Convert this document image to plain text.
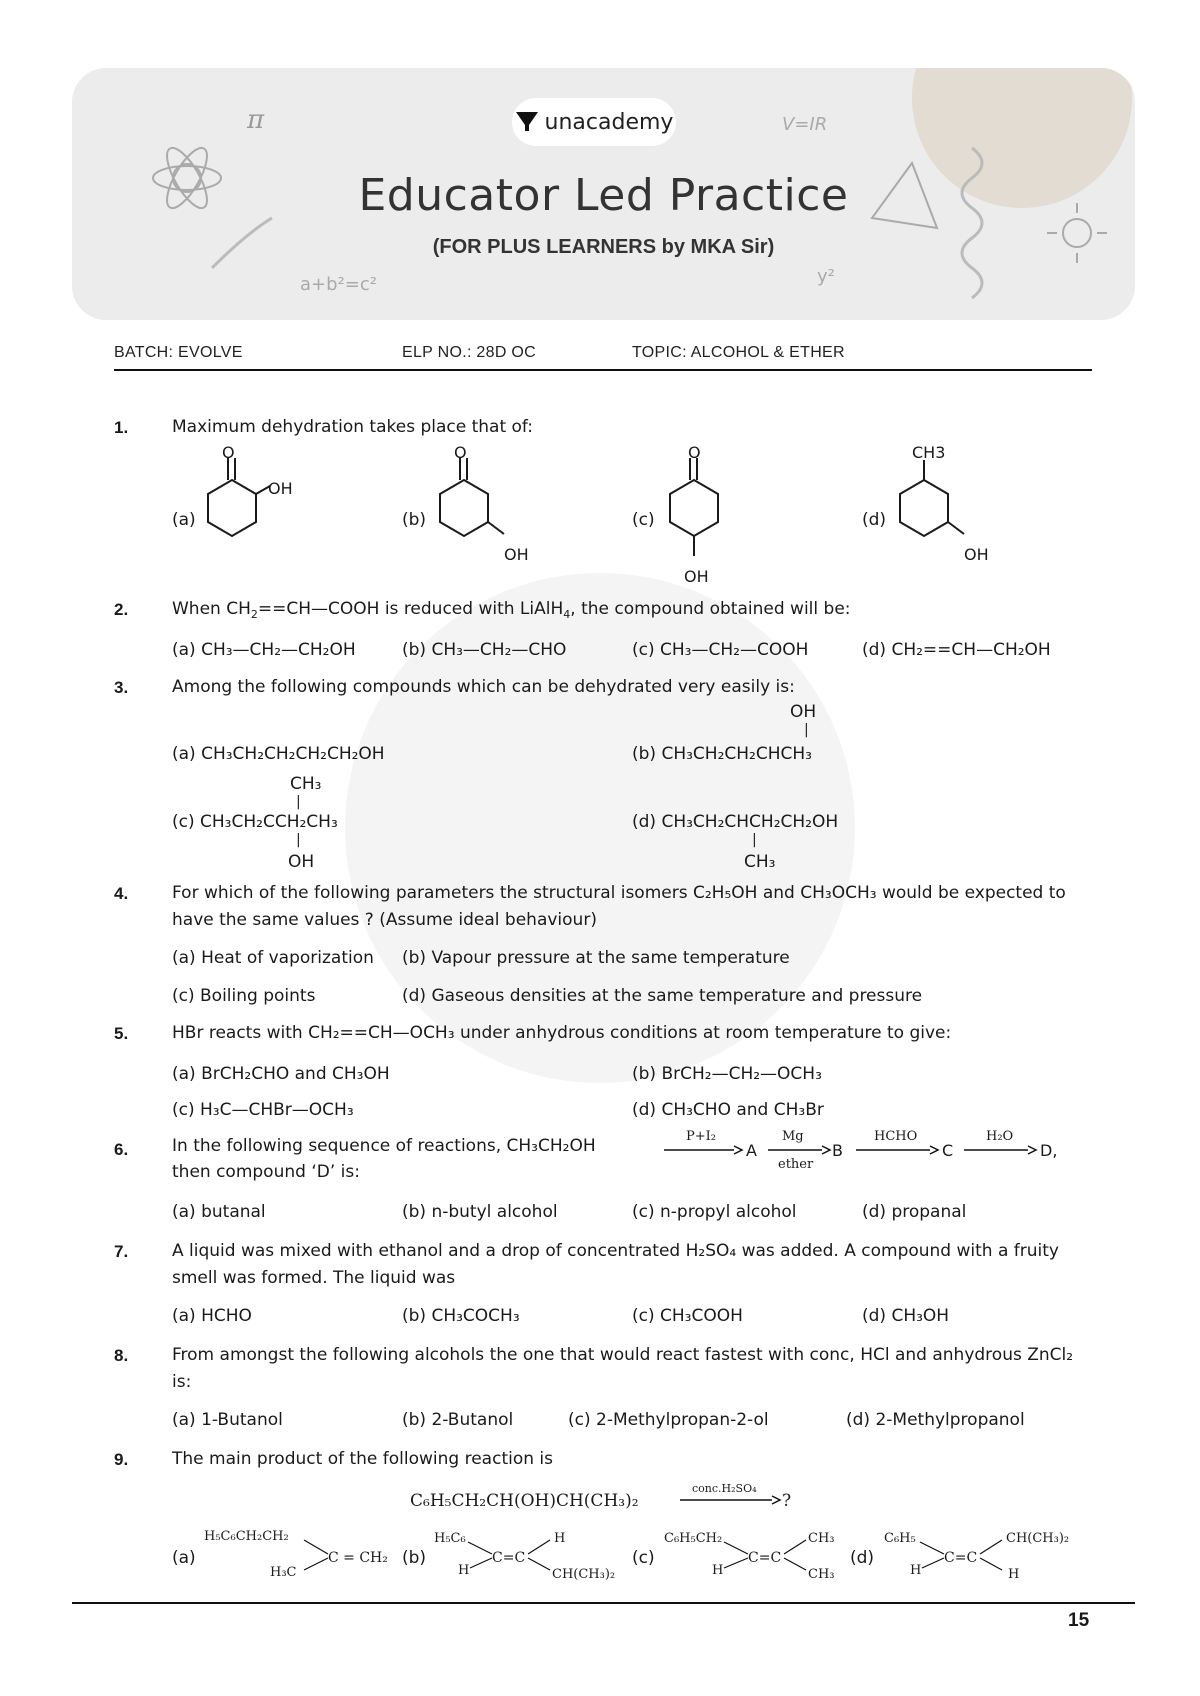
π	V=IR
a+b²=c²	y²
unacademy
Educator Led Practice
(FOR PLUS LEARNERS by MKA Sir)
BATCH: EVOLVE	ELP NO.: 28D OC	TOPIC: ALCOHOL & ETHER
1.	Maximum dehydration takes place that of:
(a)	(b)	(c)	(d)
O
OH
O
OH
O
OH
CH3
OH
2.	When $CH_2==CH—COOH$ is reduced with LiAlH$_4$, the compound obtained will be:
(a) CH₃—CH₂—CH₂OH	(b) CH₃—CH₂—CHO	(c) CH₃—CH₂—COOH	(d) CH₂==CH—CH₂OH
3.	Among the following compounds which can be dehydrated very easily is:
(a) CH₃CH₂CH₂CH₂CH₂OH
OH
|
(b) CH₃CH₂CH₂CHCH₃
CH₃
|
(c) CH₃CH₂CCH₂CH₃
|
OH
(d) CH₃CH₂CHCH₂CH₂OH
|
CH₃
4.	For which of the following parameters the structural isomers C₂H₅OH and CH₃OCH₃ would be expected to have the same values ? (Assume ideal behaviour)
(a) Heat of vaporization (b) Vapour pressure at the same temperature
(c) Boiling points	(d) Gaseous densities at the same temperature and pressure
5.	HBr reacts with CH₂==CH—OCH₃ under anhydrous conditions at room temperature to give:
(a) BrCH₂CHO and CH₃OH	(b) BrCH₂—CH₂—OCH₃
(c) H₃C—CHBr—OCH₃	(d) CH₃CHO and CH₃Br
6.	In the following sequence of reactions, CH₃CH₂OH	P+I₂
A
Mg
ether
B
HCHO
C
H₂O
D,
then compound ‘D’ is:
(a) butanal	(b) n-butyl alcohol	(c) n-propyl alcohol	(d) propanal
7.	A liquid was mixed with ethanol and a drop of concentrated H₂SO₄ was added. A compound with a fruity smell was formed. The liquid was
(a) HCHO	(b) CH₃COCH₃	(c) CH₃COOH	(d) CH₃OH
8.	From amongst the following alcohols the one that would react fastest with conc, HCl and anhydrous ZnCl₂ is:
(a) 1-Butanol	(b) 2-Butanol	(c) 2-Methylpropan-2-ol	(d) 2-Methylpropanol
9.	The main product of the following reaction is
C₆H₅CH₂CH(OH)CH(CH₃)₂
conc.H₂SO₄
?
(a)
H₅C₆CH₂CH₂
H₃C
C = CH₂ (b)
H₅C₆
H
C=C
H
CH(CH₃)₂
(c)
C₆H₅CH₂
H
C=C
CH₃
CH₃
(d)
C₆H₅
H
C=C
CH(CH₃)₂
H
15
